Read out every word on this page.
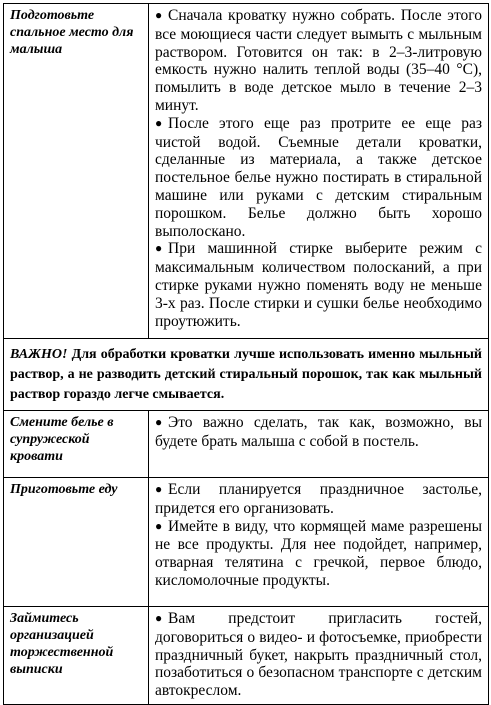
Подготовьте спальное место для малыша	● Сначала кроватку нужно собрать. После этого все моющиеся части следует вымыть с мыльным раствором. Готовится он так: в 2–3-литровую емкость нужно налить теплой воды (35–40 °С), помылить в воде детское мыло в течение 2–3 минут.

● После этого еще раз протрите ее еще раз чистой водой. Съемные детали кроватки, сделанные из материала, а также детское постельное белье нужно постирать в стиральной машине или руками с детским стиральным порошком. Белье должно быть хорошо выполоскано.

● При машинной стирке выберите режим с максимальным количеством полосканий, а при стирке руками нужно поменять воду не меньше 3-х раз. После стирки и сушки белье необходимо проутюжить.

ВАЖНО! Для обработки кроватки лучше использовать именно мыльный раствор, а не разводить детский стиральный порошок, так как мыльный раствор гораздо легче смывается.	
Смените белье в супружеской кровати	● Это важно сделать, так как, возможно, вы будете брать малыша с собой в постель.

Приготовьте еду	● Если планируется праздничное застолье, придется его организовать.

● Имейте в виду, что кормящей маме разрешены не все продукты. Для нее подойдет, например, отварная телятина с гречкой, первое блюдо, кисломолочные продукты.

Займитесь организацией торжественной выписки	● Вам предстоит пригласить гостей, договориться о видео- и фотосъемке, приобрести праздничный букет, накрыть праздничный стол, позаботиться о безопасном транспорте с детским автокреслом.
